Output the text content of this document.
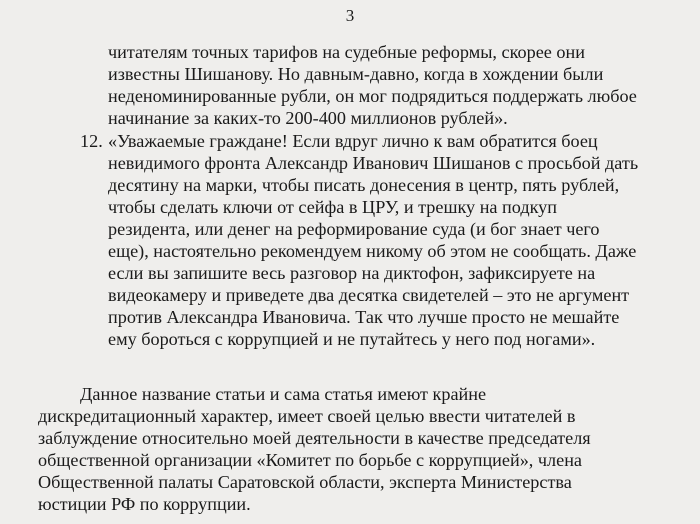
3
читателям точных тарифов на судебные реформы, скорее они
известны Шишанову. Но давным-давно, когда в хождении были
неденоминированные рубли, он мог подрядиться поддержать любое
начинание за каких-то 200-400 миллионов рублей».
12. «Уважаемые граждане! Если вдруг лично к вам обратится боец
невидимого фронта Александр Иванович Шишанов с просьбой дать
десятину на марки, чтобы писать донесения в центр, пять рублей,
чтобы сделать ключи от сейфа в ЦРУ, и трешку на подкуп
резидента, или денег на реформирование суда (и бог знает чего
еще), настоятельно рекомендуем никому об этом не сообщать. Даже
если вы запишите весь разговор на диктофон, зафиксируете на
видеокамеру и приведете два десятка свидетелей – это не аргумент
против Александра Ивановича. Так что лучше просто не мешайте
ему бороться с коррупцией и не путайтесь у него под ногами».
Данное название статьи и сама статья имеют крайне
дискредитационный характер, имеет своей целью ввести читателей в
заблуждение относительно моей деятельности в качестве председателя
общественной организации «Комитет по борьбе с коррупцией», члена
Общественной палаты Саратовской области, эксперта Министерства
юстиции РФ по коррупции.
